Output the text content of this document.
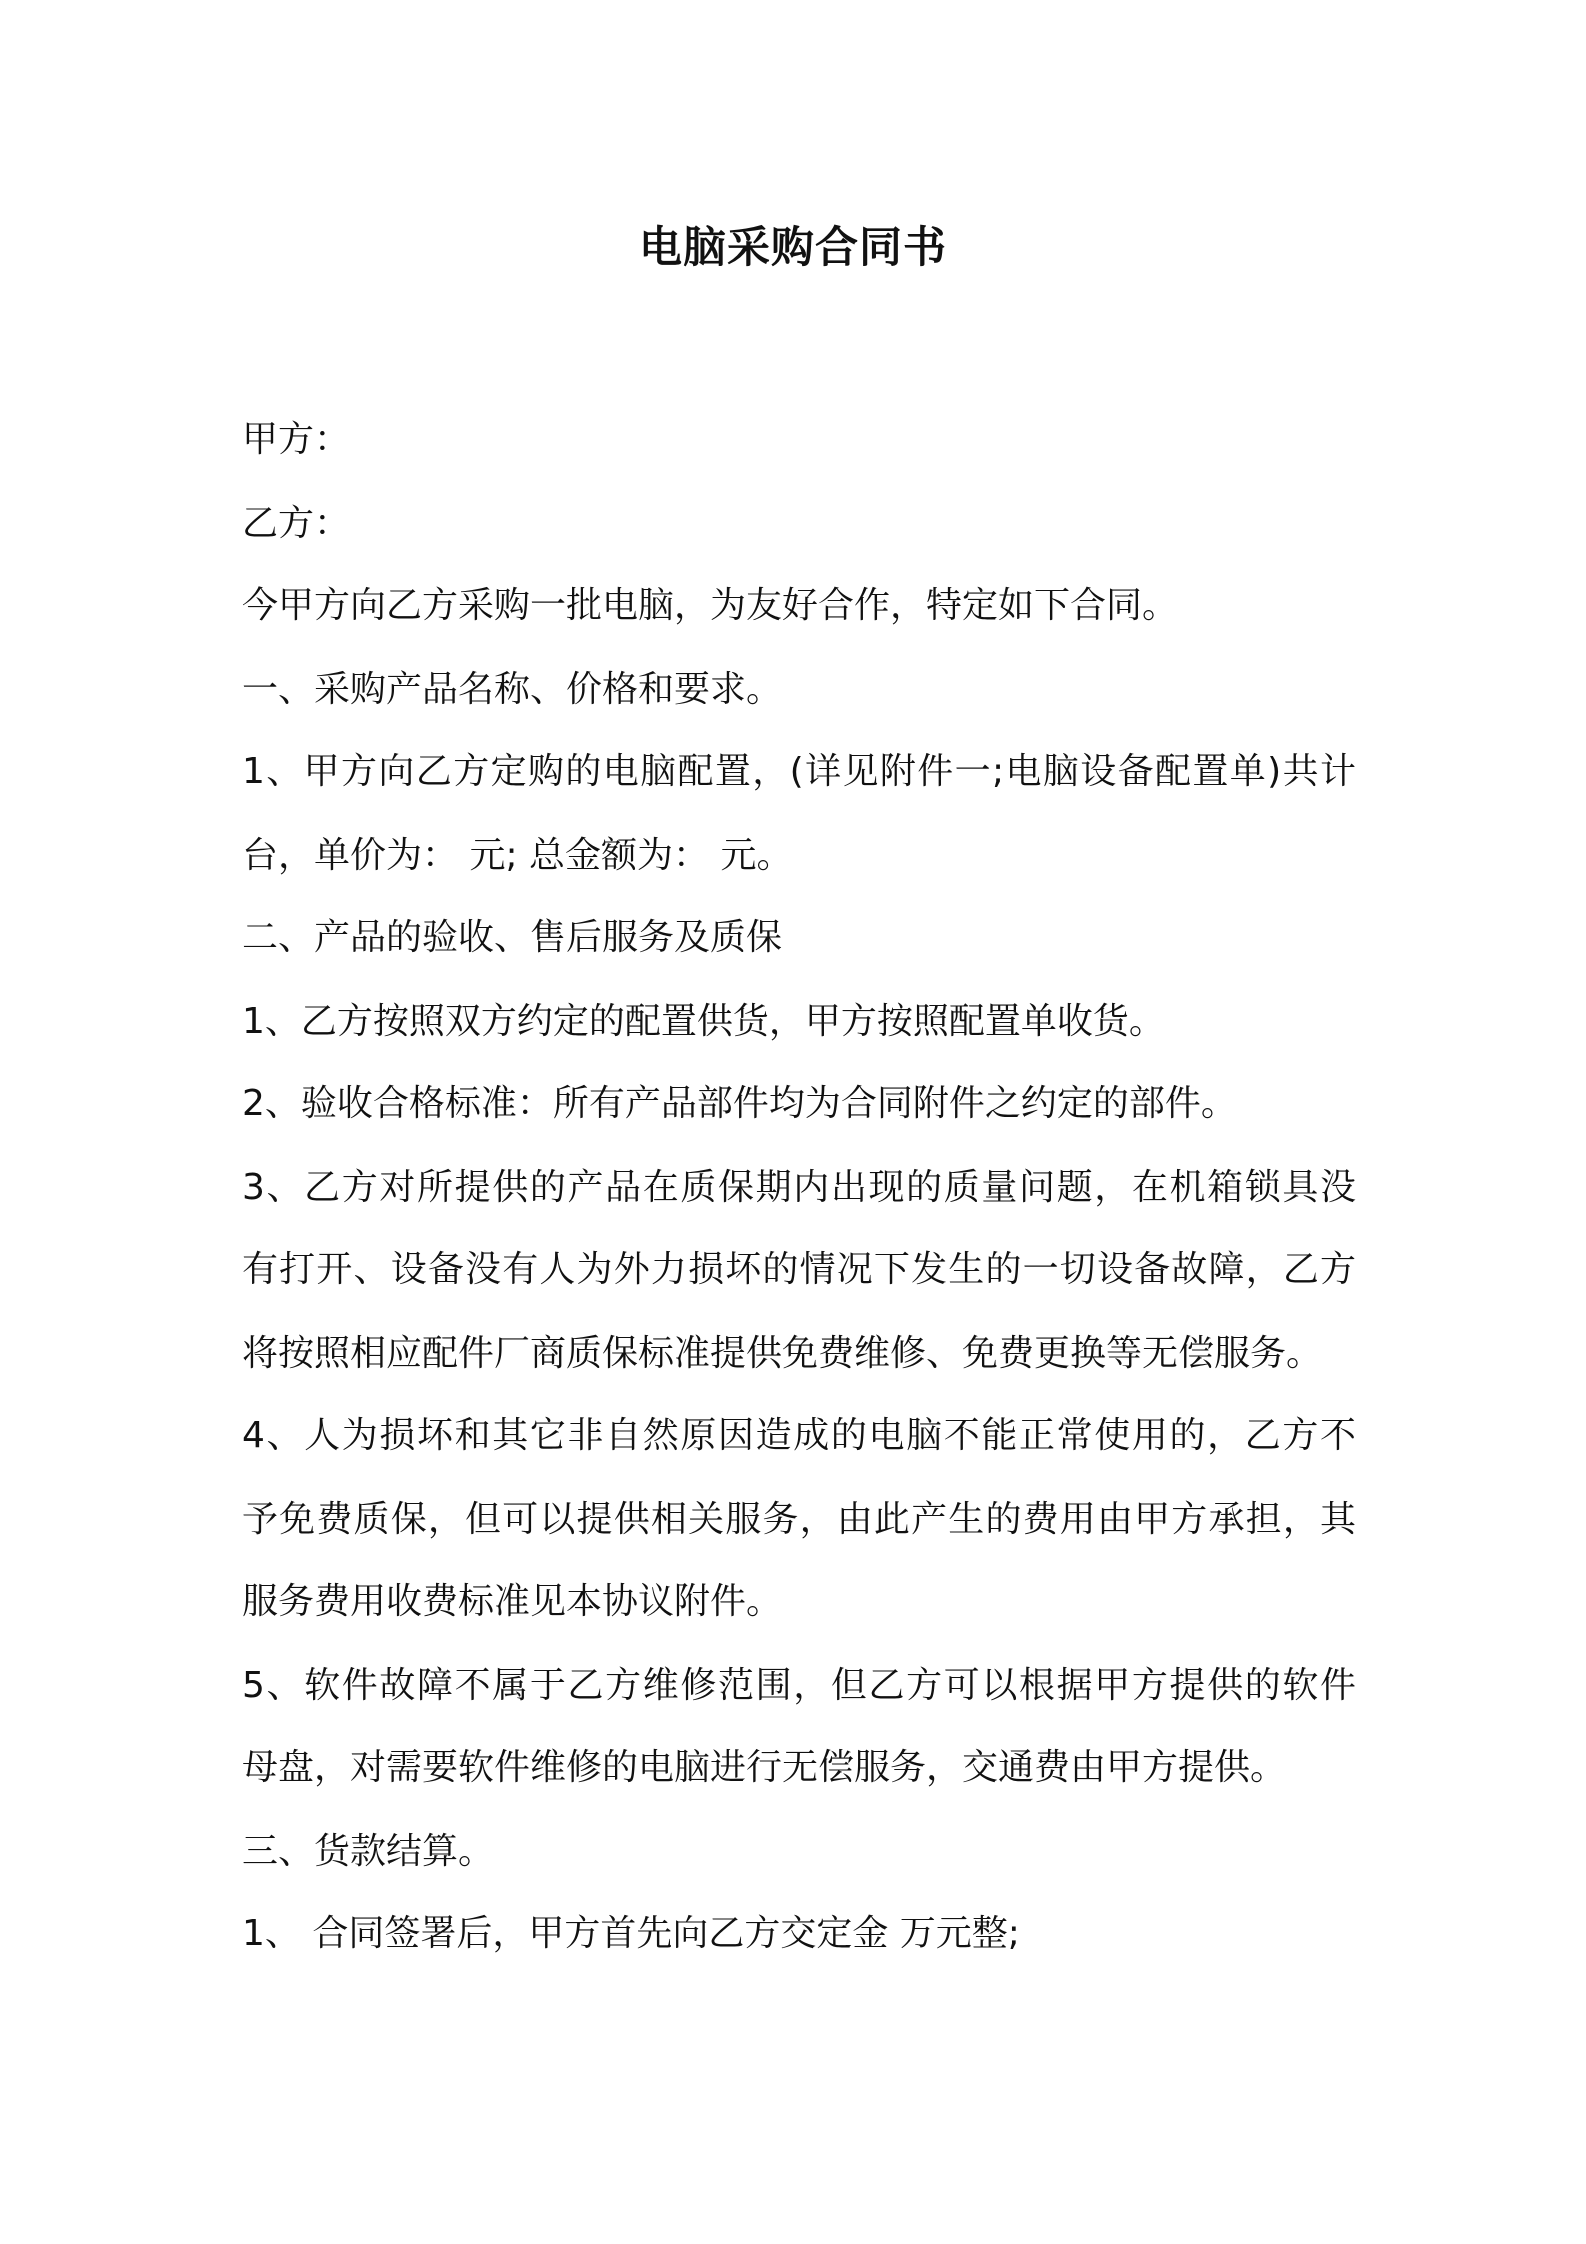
电脑采购合同书
甲方：
乙方：
今甲方向乙方采购一批电脑，为友好合作，特定如下合同。
一、采购产品名称、价格和要求。
1、甲方向乙方定购的电脑配置，(详见附件一;电脑设备配置单)共计
台，单价为： 元; 总金额为： 元。
二、产品的验收、售后服务及质保
1、乙方按照双方约定的配置供货，甲方按照配置单收货。
2、验收合格标准：所有产品部件均为合同附件之约定的部件。
3、乙方对所提供的产品在质保期内出现的质量问题，在机箱锁具没
有打开、设备没有人为外力损坏的情况下发生的一切设备故障，乙方
将按照相应配件厂商质保标准提供免费维修、免费更换等无偿服务。
4、人为损坏和其它非自然原因造成的电脑不能正常使用的，乙方不
予免费质保，但可以提供相关服务，由此产生的费用由甲方承担，其
服务费用收费标准见本协议附件。
5、软件故障不属于乙方维修范围，但乙方可以根据甲方提供的软件
母盘，对需要软件维修的电脑进行无偿服务，交通费由甲方提供。
三、货款结算。
1、 合同签署后，甲方首先向乙方交定金 万元整;
